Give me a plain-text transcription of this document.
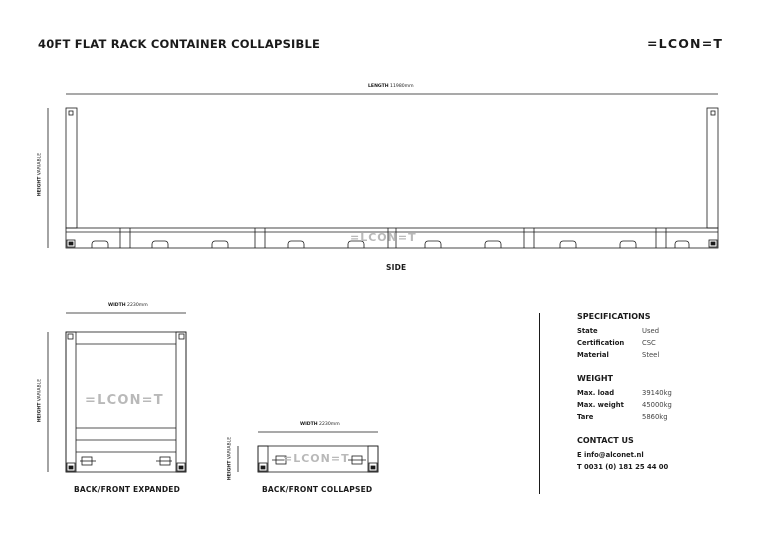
40FT FLAT RACK CONTAINER COLLAPSIBLE	=LCON=T
=LCON=T
=LCON=T
=LCON=T
LENGTH 11980mm
HEIGHT VARIABLE
SIDE
WIDTH 2230mm
HEIGHT VARIABLE
BACK/FRONT EXPANDED
WIDTH 2230mm
HEIGHT VARIABLE
BACK/FRONT COLLAPSED
SPECIFICATIONS
State	Used
Certification	CSC
Material	Steel
WEIGHT
Max. load	39140kg
Max. weight	45000kg
Tare	5860kg
CONTACT US
E info@alconet.nl
T 0031 (0) 181 25 44 00
